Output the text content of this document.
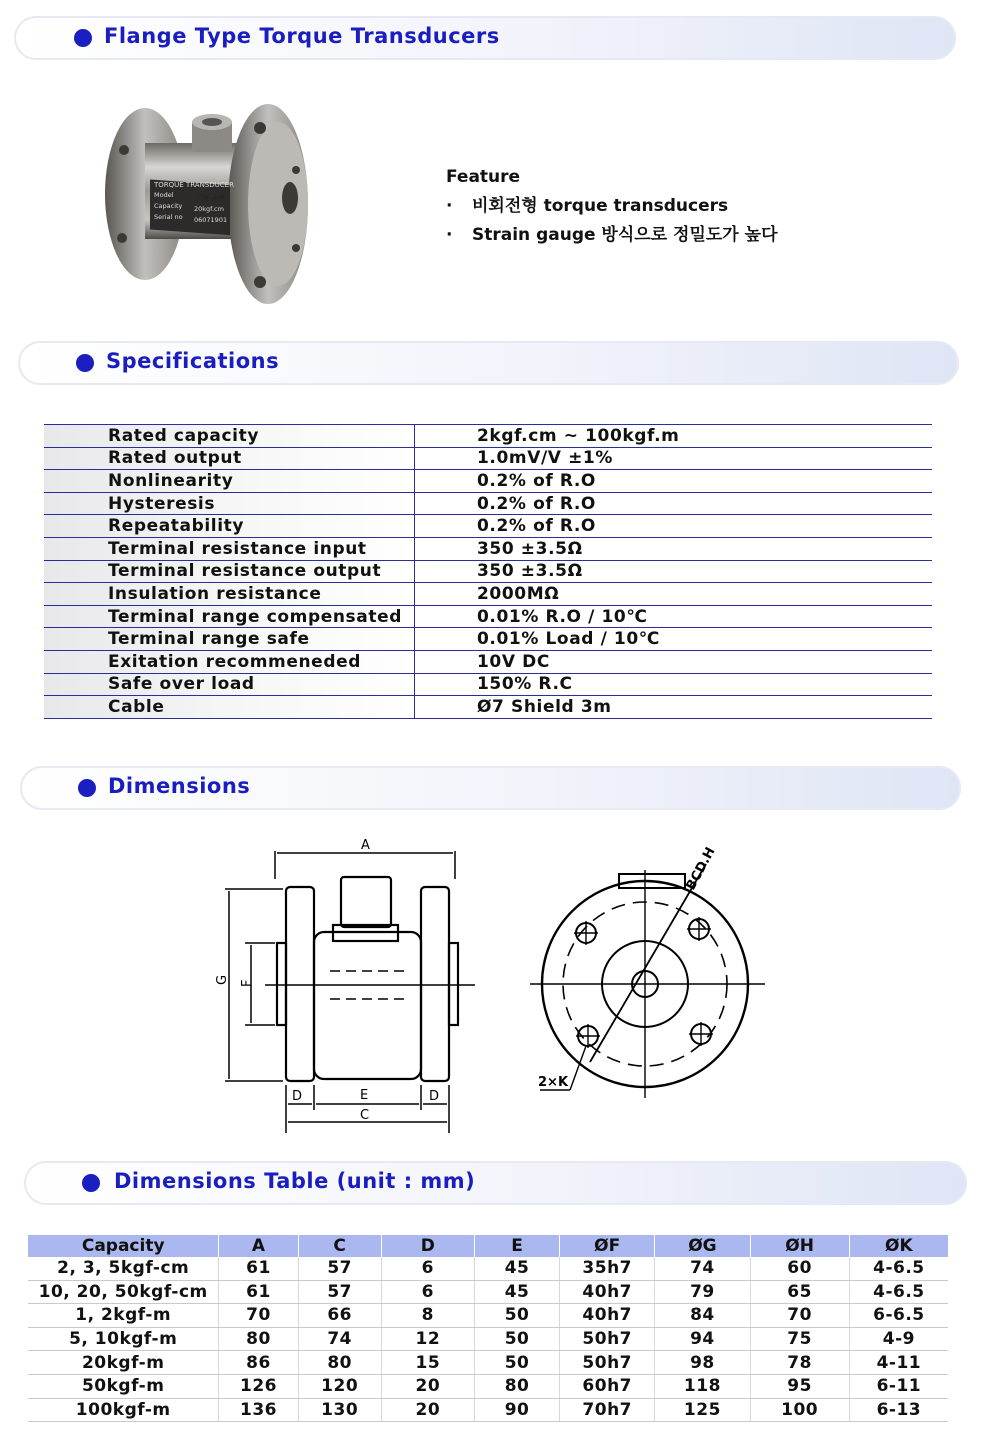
Flange Type Torque Transducers
TORQUE TRANSDUCER
Model	TNF-20K
Capacity 20kgf.cm
Serial no 06071901
Feature
· 비회전형 torque transducers
· Strain gauge 방식으로 정밀도가 높다
Specifications
Rated capacity	2kgf.cm ~ 100kgf.m
Rated output	1.0mV/V ±1%
Nonlinearity	0.2% of R.O
Hysteresis	0.2% of R.O
Repeatability	0.2% of R.O
Terminal resistance input	350 ±3.5Ω
Terminal resistance output	350 ±3.5Ω
Insulation resistance	2000MΩ
Terminal range compensated	0.01% R.O / 10℃
Terminal range safe	0.01% Load / 10℃
Exitation recommeneded	10V DC
Safe over load	150% R.C
Cable	Ø7 Shield 3m
Dimensions
A
G F
D	D
E
C
BCD.H
2×K
Dimensions Table (unit : mm)
Capacity	A	C	D	E	ØF	ØG	ØH	ØK
2, 3, 5kgf-cm	61	57	6	45	35h7	74	60	4-6.5
10, 20, 50kgf-cm	61	57	6	45	40h7	79	65	4-6.5
1, 2kgf-m	70	66	8	50	40h7	84	70	6-6.5
5, 10kgf-m	80	74	12	50	50h7	94	75	4-9
20kgf-m	86	80	15	50	50h7	98	78	4-11
50kgf-m	126	120	20	80	60h7	118	95	6-11
100kgf-m	136	130	20	90	70h7	125	100	6-13
